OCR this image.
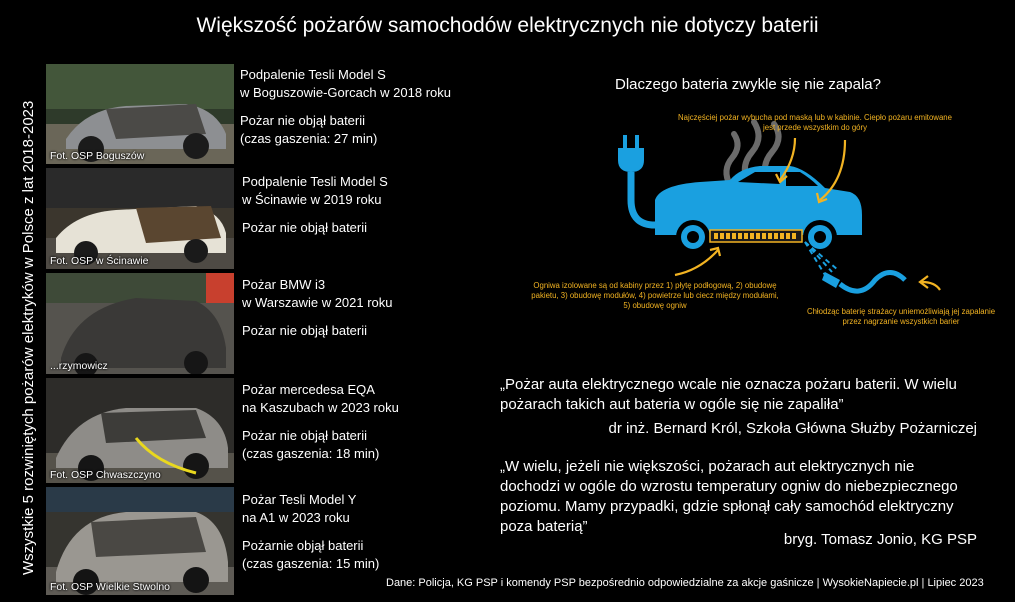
Większość pożarów samochodów elektrycznych nie dotyczy baterii
Wszystkie 5 rozwiniętych pożarów elektryków w Polsce z lat 2018-2023 Fot. OSP Boguszów
Fot. OSP w Ścinawie
...rzymowicz
Fot. OSP Chwaszczyno
Fot. OSP Wielkie Stwolno
Podpalenie Tesli Model S
w Boguszowie-Gorcach w 2018 roku
Pożar nie objął baterii
(czas gaszenia: 27 min)
Podpalenie Tesli Model S
w Ścinawie w 2019 roku
Pożar nie objął baterii
Pożar BMW i3
w Warszawie w 2021 roku
Pożar nie objął baterii
Pożar mercedesa EQA
na Kaszubach w 2023 roku
Pożar nie objął baterii
(czas gaszenia: 18 min)
Pożar Tesli Model Y
na A1 w 2023 roku
Pożarnie objął baterii
(czas gaszenia: 15 min)
Dlaczego bateria zwykle się nie zapala?
Najczęściej pożar wybucha pod maską lub w kabinie. Ciepło pożaru emitowane jest przede wszystkim do góry
Ogniwa izolowane są od kabiny przez 1) płytę podłogową, 2) obudowę pakietu, 3) obudowę modułów, 4) powietrze lub ciecz między modułami, 5) obudowę ogniw
Chłodząc baterię strażacy uniemożliwiają jej zapalanie przez nagrzanie wszystkich barier
„Pożar auta elektrycznego wcale nie oznacza pożaru baterii. W wielu
pożarach takich aut bateria w ogóle się nie zapaliła”
dr inż. Bernard Król, Szkoła Główna Służby Pożarniczej
„W wielu, jeżeli nie większości, pożarach aut elektrycznych nie
dochodzi w ogóle do wzrostu temperatury ogniw do niebezpiecznego
poziomu. Mamy przypadki, gdzie spłonął cały samochód elektryczny
poza baterią”
bryg. Tomasz Jonio, KG PSP
Dane: Policja, KG PSP i komendy PSP bezpośrednio odpowiedzialne za akcje gaśnicze | WysokieNapiecie.pl | Lipiec 2023
